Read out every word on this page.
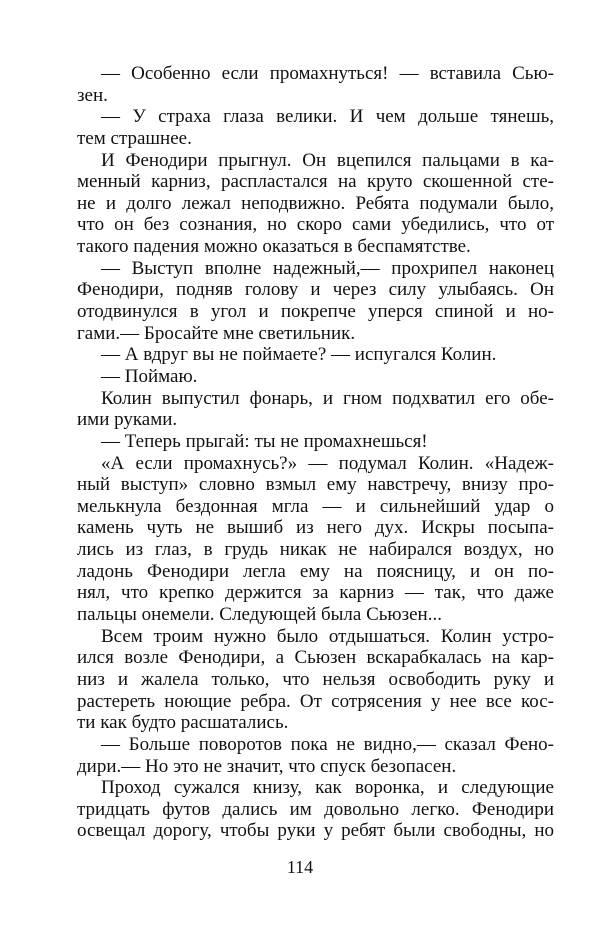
— Особенно если промахнуться! — вставила Сью-
зен.
— У страха глаза велики. И чем дольше тянешь,
тем страшнее.
И Фенодири прыгнул. Он вцепился пальцами в ка-
менный карниз, распластался на круто скошенной сте-
не и долго лежал неподвижно. Ребята подумали было,
что он без сознания, но скоро сами убедились, что от
такого падения можно оказаться в беспамятстве.
— Выступ вполне надежный,— прохрипел наконец
Фенодири, подняв голову и через силу улыбаясь. Он
отодвинулся в угол и покрепче уперся спиной и но-
гами.— Бросайте мне светильник.
— А вдруг вы не поймаете? — испугался Колин.
— Поймаю.
Колин выпустил фонарь, и гном подхватил его обе-
ими руками.
— Теперь прыгай: ты не промахнешься!
«А если промахнусь?» — подумал Колин. «Надеж-
ный выступ» словно взмыл ему навстречу, внизу про-
мелькнула бездонная мгла — и сильнейший удар о
камень чуть не вышиб из него дух. Искры посыпа-
лись из глаз, в грудь никак не набирался воздух, но
ладонь Фенодири легла ему на поясницу, и он по-
нял, что крепко держится за карниз — так, что даже
пальцы онемели. Следующей была Сьюзен...
Всем троим нужно было отдышаться. Колин устро-
ился возле Фенодири, а Сьюзен вскарабкалась на кар-
низ и жалела только, что нельзя освободить руку и
растереть ноющие ребра. От сотрясения у нее все кос-
ти как будто расшатались.
— Больше поворотов пока не видно,— сказал Фено-
дири.— Но это не значит, что спуск безопасен.
Проход сужался книзу, как воронка, и следующие
тридцать футов дались им довольно легко. Фенодири
освещал дорогу, чтобы руки у ребят были свободны, но
114
